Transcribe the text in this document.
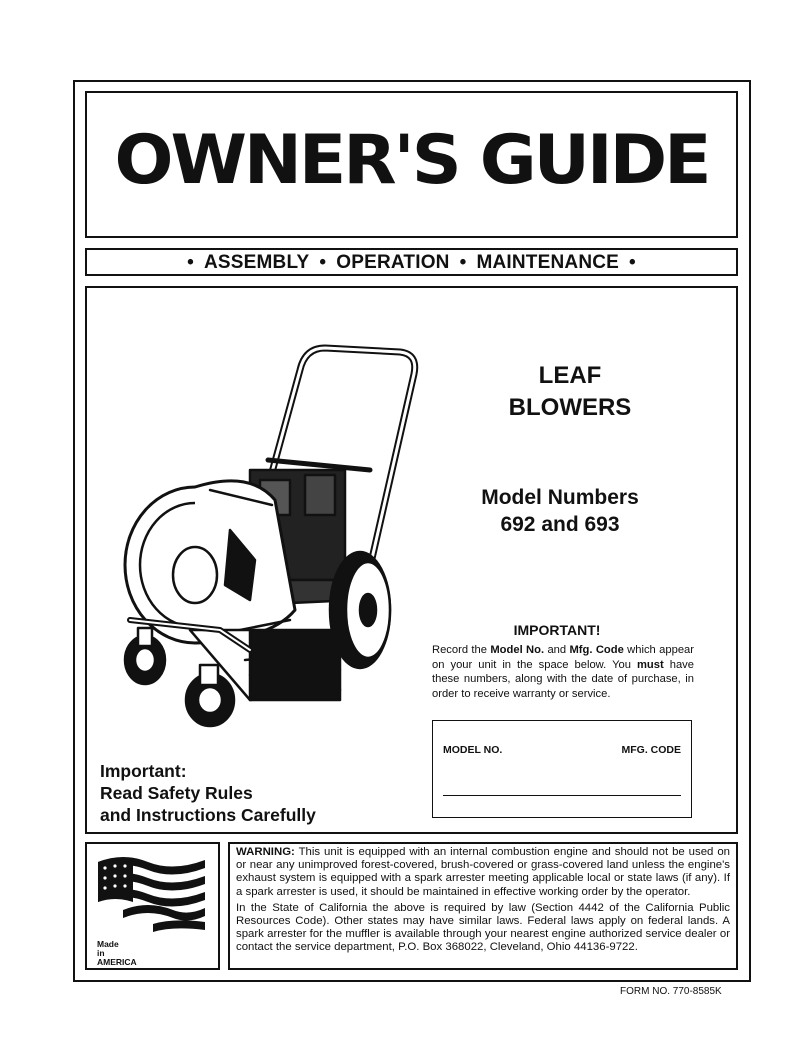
OWNER'S GUIDE
• ASSEMBLY • OPERATION • MAINTENANCE •
LEAF
BLOWERS
Model Numbers
692 and 693
IMPORTANT!
Record the Model No. and Mfg. Code which appear on your unit in the space below. You must have these numbers, along with the date of purchase, in order to receive warranty or service.
MODEL NO.	MFG. CODE
Important:
Read Safety Rules
and Instructions Carefully
Made
in
AMERICA

WARNING: This unit is equipped with an internal combustion engine and should not be used on or near any unimproved forest-covered, brush-covered or grass-covered land unless the engine's exhaust system is equipped with a spark arrester meeting applicable local or state laws (if any). If a spark arrester is used, it should be maintained in effective working order by the operator.

In the State of California the above is required by law (Section 4442 of the California Public Resources Code). Other states may have similar laws. Federal laws apply on federal lands. A spark arrester for the muffler is available through your nearest engine authorized service dealer or contact the service department, P.O. Box 368022, Cleveland, Ohio 44136-9722.

FORM NO. 770-8585K
